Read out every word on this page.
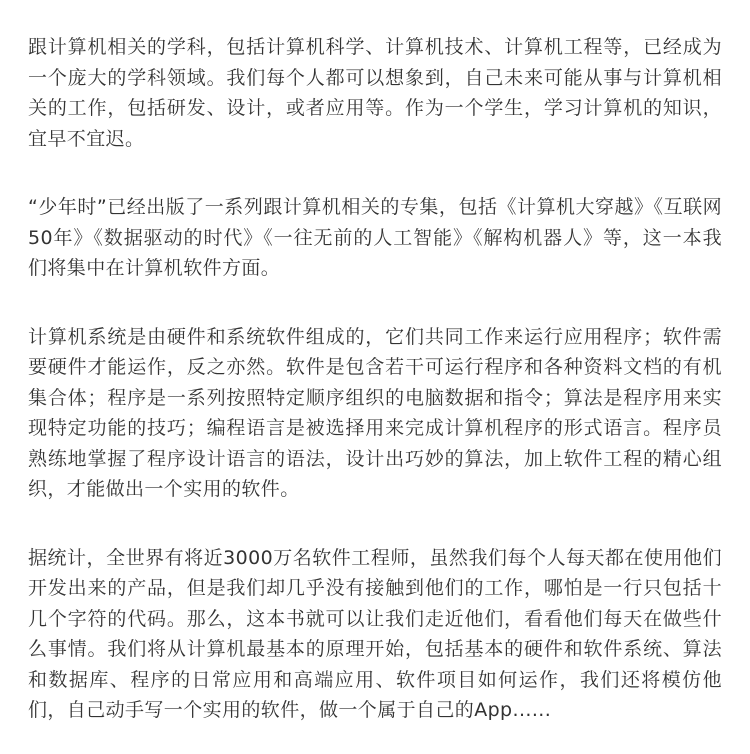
跟计算机相关的学科，包括计算机科学、计算机技术、计算机工程等，已经成为一个庞大的学科领域。我们每个人都可以想象到，自己未来可能从事与计算机相关的工作，包括研发、设计，或者应用等。作为一个学生，学习计算机的知识，宜早不宜迟。

“少年时”已经出版了一系列跟计算机相关的专集，包括《计算机大穿越》《互联网50年》《数据驱动的时代》《一往无前的人工智能》《解构机器人》等，这一本我们将集中在计算机软件方面。

计算机系统是由硬件和系统软件组成的，它们共同工作来运行应用程序；软件需要硬件才能运作，反之亦然。软件是包含若干可运行程序和各种资料文档的有机集合体；程序是一系列按照特定顺序组织的电脑数据和指令；算法是程序用来实现特定功能的技巧；编程语言是被选择用来完成计算机程序的形式语言。程序员熟练地掌握了程序设计语言的语法，设计出巧妙的算法，加上软件工程的精心组织，才能做出一个实用的软件。

据统计，全世界有将近3000万名软件工程师，虽然我们每个人每天都在使用他们开发出来的产品，但是我们却几乎没有接触到他们的工作，哪怕是一行只包括十几个字符的代码。那么，这本书就可以让我们走近他们，看看他们每天在做些什么事情。我们将从计算机最基本的原理开始，包括基本的硬件和软件系统、算法和数据库、程序的日常应用和高端应用、软件项目如何运作，我们还将模仿他们，自己动手写一个实用的软件，做一个属于自己的App......
